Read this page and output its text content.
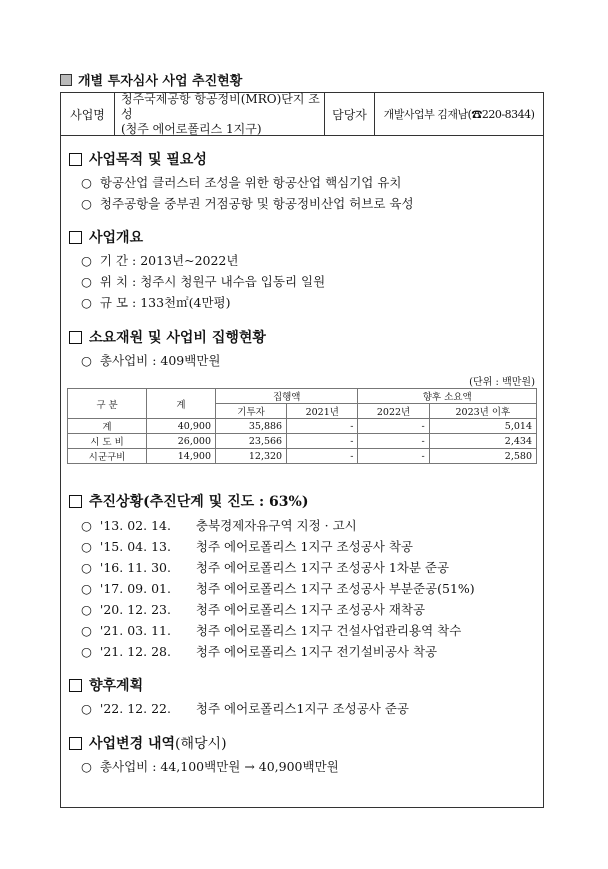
개별 투자심사 사업 추진현황
사업명
청주국제공항 항공정비(MRO)단지 조성
(청주 에어로폴리스 1지구)
담당자	개발사업부 김재남(☎220-8344)
사업목적 및 필요성
○ 항공산업 클러스터 조성을 위한 항공산업 핵심기업 유치
○ 청주공항을 중부권 거점공항 및 항공정비산업 허브로 육성
사업개요
○ 기 간 : 2013년~2022년
○ 위 치 : 청주시 청원구 내수읍 입동리 일원
○ 규 모 : 133천㎡(4만평)
소요재원 및 사업비 집행현황
○ 총사업비 : 409백만원
(단위 : 백만원)
구 분	계	집행액		향후 소요액	
		기투자	2021년	2022년	2023년 이후
계	40,900	35,886	-	-	5,014
시 도 비	26,000	23,566	-	-	2,434
시군구비	14,900	12,320	-	-	2,580
추진상황(추진단계 및 진도 : 63%)
○ '13. 02. 14. 충북경제자유구역 지정 · 고시
○ '15. 04. 13. 청주 에어로폴리스 1지구 조성공사 착공
○ '16. 11. 30. 청주 에어로폴리스 1지구 조성공사 1차분 준공
○ '17. 09. 01. 청주 에어로폴리스 1지구 조성공사 부분준공(51%)
○ '20. 12. 23. 청주 에어로폴리스 1지구 조성공사 재착공
○ '21. 03. 11. 청주 에어로폴리스 1지구 건설사업관리용역 착수
○ '21. 12. 28. 청주 에어로폴리스 1지구 전기설비공사 착공
향후계획
○ '22. 12. 22. 청주 에어로폴리스1지구 조성공사 준공
사업변경 내역 (해당시)
○ 총사업비 : 44,100백만원 → 40,900백만원
